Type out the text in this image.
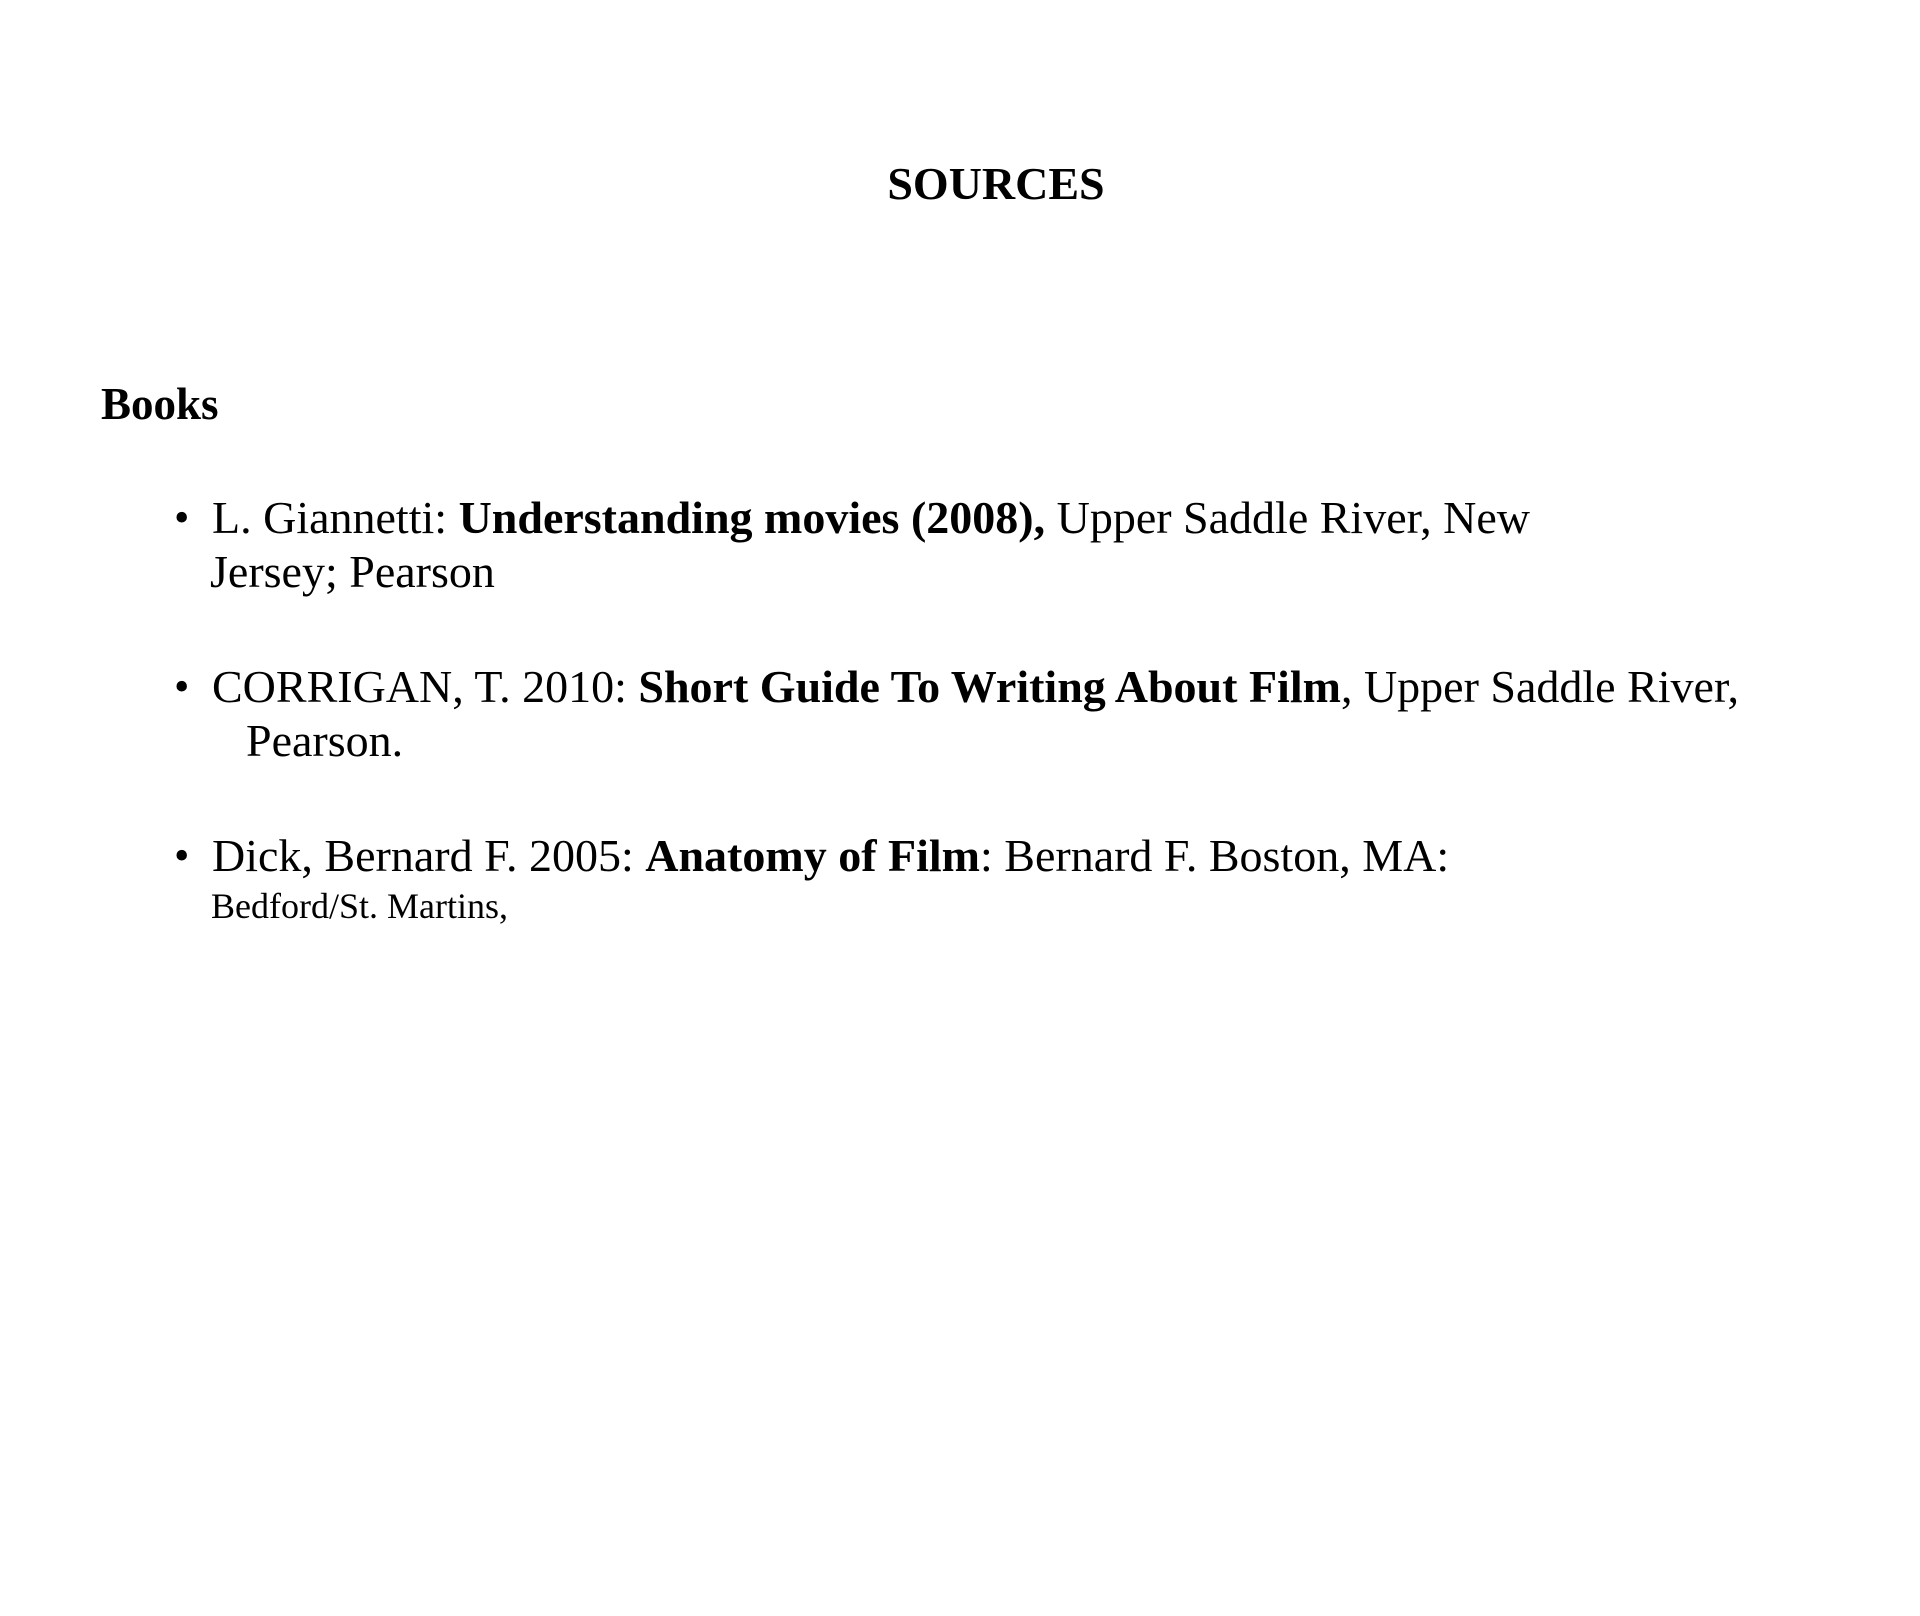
SOURCES
Books
• L. Giannetti: Understanding movies (2008), Upper Saddle River, New
Jersey; Pearson
• CORRIGAN, T. 2010: Short Guide To Writing About Film, Upper Saddle River,
Pearson.
• Dick, Bernard F. 2005: Anatomy of Film: Bernard F. Boston, MA:
Bedford/St. Martins,
